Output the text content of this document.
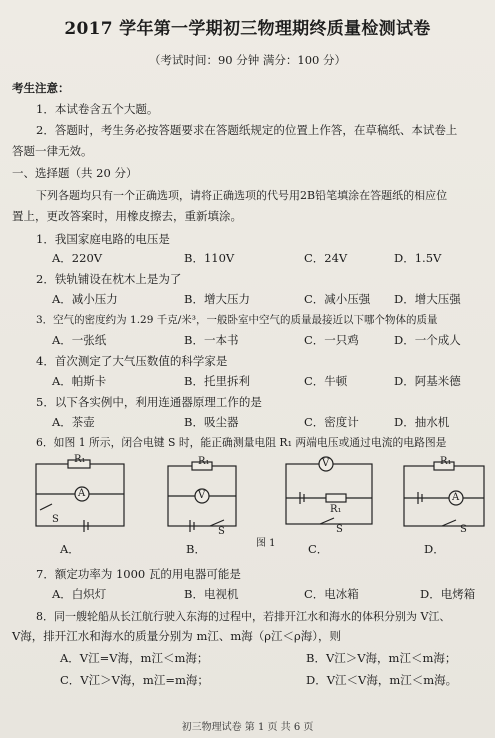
2017 学年第一学期初三物理期终质量检测试卷
（考试时间：90 分钟 满分：100 分）
考生注意：
1．本试卷含五个大题。
2．答题时，考生务必按答题要求在答题纸规定的位置上作答，在草稿纸、本试卷上
答题一律无效。
一、选择题（共 20 分）
下列各题均只有一个正确选项，请将正确选项的代号用2B铅笔填涂在答题纸的相应位
置上，更改答案时，用橡皮擦去，重新填涂。
1．我国家庭电路的电压是
A．220V	B．110V	C．24V	D．1.5V
2．铁轨铺设在枕木上是为了
A．减小压力	B．增大压力	C．减小压强 D．增大压强
3．空气的密度约为 1.29 千克/米³，一般卧室中空气的质量最接近以下哪个物体的质量
A．一张纸	B．一本书	C．一只鸡	D．一个成人
4．首次测定了大气压数值的科学家是
A．帕斯卡	B．托里拆利	C．牛顿	D．阿基米德
5．以下各实例中，利用连通器原理工作的是
A．茶壶	B．吸尘器	C．密度计	D．抽水机
6．如图 1 所示，闭合电键 S 时，能正确测量电阻 R₁ 两端电压或通过电流的电路图是
R₁
A
S
A．
R₁
V
S
B．
V
R₁
S
C．
图 1
R₁
A
S
D．
7．额定功率为 1000 瓦的用电器可能是
A．白炽灯	B．电视机	C．电冰箱	D．电烤箱
8．同一艘轮船从长江航行驶入东海的过程中，若排开江水和海水的体积分别为 V江、
V海，排开江水和海水的质量分别为 m江、m海（ρ江＜ρ海），则
A．V江=V海，m江＜m海；	B．V江＞V海，m江＜m海；
C．V江＞V海，m江=m海；	D．V江＜V海，m江＜m海。
初三物理试卷 第 1 页 共 6 页
